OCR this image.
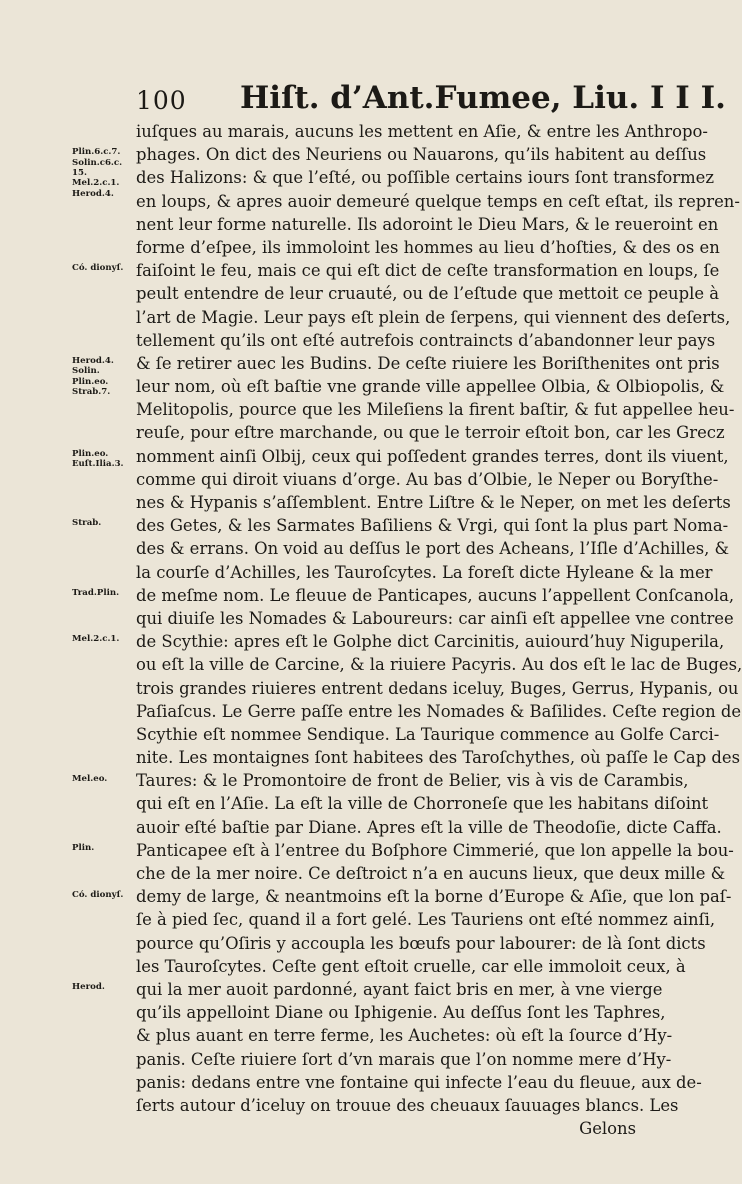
100 Hiſt. d’Ant.Fumee, Liu. I I I.
Plin.6.c.7.
Solin.c6.c.
15.
Mel.2.c.1.
Herod.4.
Có. dionyſ.
Herod.4.
Solin.
Plin.eo.
Strab.7.
Plin.eo.
Euſt.Ilia.3.
Strab.
Trad.Plin.
Mel.2.c.1.
Mel.eo.
Plin.
Có. dionyſ.
Herod.
iuſques au marais, aucuns les mettent en Aſie, & entre les Anthropo-
phages. On dict des Neuriens ou Nauarons, qu’ils habitent au deſſus
des Halizons: & que l’eſté, ou poſſible certains iours ſont transformez
en loups, & apres auoir demeuré quelque temps en ceſt eſtat, ils repren-
nent leur forme naturelle. Ils adoroint le Dieu Mars, & le reueroint en
forme d’eſpee, ils immoloint les hommes au lieu d’hoſties, & des os en
faiſoint le feu, mais ce qui eſt dict de ceſte transformation en loups, ſe
peult entendre de leur cruauté, ou de l’eſtude que mettoit ce peuple à
l’art de Magie. Leur pays eſt plein de ſerpens, qui viennent des deſerts,
tellement qu’ils ont eſté autrefois contraincts d’abandonner leur pays
& ſe retirer auec les Budins. De ceſte riuiere les Boriſthenites ont pris
leur nom, où eſt baſtie vne grande ville appellee Olbia, & Olbiopolis, &
Melitopolis, pource que les Mileſiens la firent baſtir, & fut appellee heu-
reuſe, pour eſtre marchande, ou que le terroir eſtoit bon, car les Grecz
nomment ainſi Olbij, ceux qui poſſedent grandes terres, dont ils viuent,
comme qui diroit viuans d’orge. Au bas d’Olbie, le Neper ou Boryſthe-
nes & Hypanis s’aſſemblent. Entre Liſtre & le Neper, on met les deſerts
des Getes, & les Sarmates Baſiliens & Vrgi, qui ſont la plus part Noma-
des & errans. On void au deſſus le port des Acheans, l’Iſle d’Achilles, &
la courſe d’Achilles, les Tauroſcytes. La foreſt dicte Hyleane & la mer
de meſme nom. Le fleuue de Panticapes, aucuns l’appellent Conſcanola,
qui diuiſe les Nomades & Laboureurs: car ainſi eſt appellee vne contree
de Scythie: apres eſt le Golphe dict Carcinitis, auiourd’huy Niguperila,
ou eſt la ville de Carcine, & la riuiere Pacyris. Au dos eſt le lac de Buges,
trois grandes riuieres entrent dedans iceluy, Buges, Gerrus, Hypanis, ou
Paſiaſcus. Le Gerre paſſe entre les Nomades & Baſilides. Ceſte region de
Scythie eſt nommee Sendique. La Taurique commence au Golfe Carci-
nite. Les montaignes ſont habitees des Taroſchythes, où paſſe le Cap des
Taures: & le Promontoire de front de Belier, vis à vis de Carambis,
qui eſt en l’Aſie. La eſt la ville de Chorroneſe que les habitans diſoint
auoir eſté baſtie par Diane. Apres eſt la ville de Theodoſie, dicte Caffa.
Panticapee eſt à l’entree du Boſphore Cimmerié, que lon appelle la bou-
che de la mer noire. Ce deſtroict n’a en aucuns lieux, que deux mille &
demy de large, & neantmoins eſt la borne d’Europe & Aſie, que lon paſ-
ſe à pied ſec, quand il a fort gelé. Les Tauriens ont eſté nommez ainſi,
pource qu’Oſiris y accoupla les bœufs pour labourer: de là ſont dicts
les Tauroſcytes. Ceſte gent eſtoit cruelle, car elle immoloit ceux, à
qui la mer auoit pardonné, ayant faict bris en mer, à vne vierge
qu’ils appelloint Diane ou Iphigenie. Au deſſus ſont les Taphres,
& plus auant en terre ferme, les Auchetes: où eſt la ſource d’Hy-
panis. Ceſte riuiere ſort d’vn marais que l’on nomme mere d’Hy-
panis: dedans entre vne fontaine qui infecte l’eau du fleuue, aux de-
ſerts autour d’iceluy on trouue des cheuaux ſauuages blancs. Les
Gelons
